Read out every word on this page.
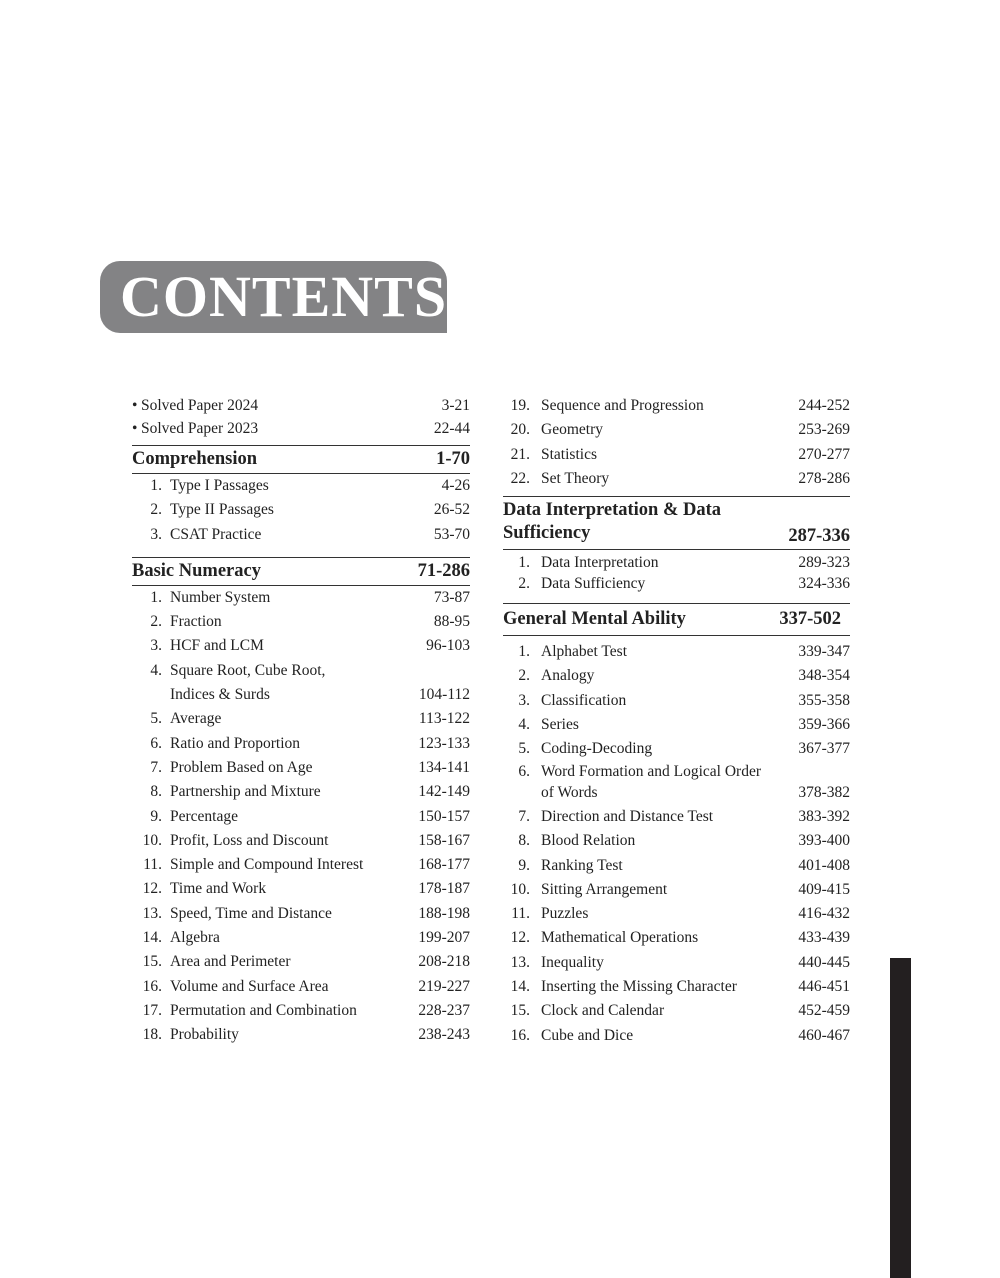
CONTENTS
• Solved Paper 2024	3-21
• Solved Paper 2023	22-44
Comprehension	1-70
1. Type I Passages	4-26
2. Type II Passages	26-52
3. CSAT Practice	53-70
Basic Numeracy	71-286
1. Number System	73-87
2. Fraction	88-95
3. HCF and LCM	96-103
4. Square Root, Cube Root,
Indices & Surds	104-112
5. Average	113-122
6. Ratio and Proportion	123-133
7. Problem Based on Age	134-141
8. Partnership and Mixture	142-149
9. Percentage	150-157
10. Profit, Loss and Discount	158-167
11. Simple and Compound Interest	168-177
12. Time and Work	178-187
13. Speed, Time and Distance	188-198
14. Algebra	199-207
15. Area and Perimeter	208-218
16. Volume and Surface Area	219-227
17. Permutation and Combination	228-237
18. Probability	238-243
19. Sequence and Progression	244-252
20. Geometry	253-269
21. Statistics	270-277
22. Set Theory	278-286
Data Interpretation & Data Sufficiency	287-336
1. Data Interpretation	289-323
2. Data Sufficiency	324-336
General Mental Ability	337-502
1. Alphabet Test	339-347
2. Analogy	348-354
3. Classification	355-358
4. Series	359-366
5. Coding-Decoding	367-377
6. Word Formation and Logical Order
of Words	378-382
7. Direction and Distance Test	383-392
8. Blood Relation	393-400
9. Ranking Test	401-408
10. Sitting Arrangement	409-415
11. Puzzles	416-432
12. Mathematical Operations	433-439
13. Inequality	440-445
14. Inserting the Missing Character	446-451
15. Clock and Calendar	452-459
16. Cube and Dice	460-467
